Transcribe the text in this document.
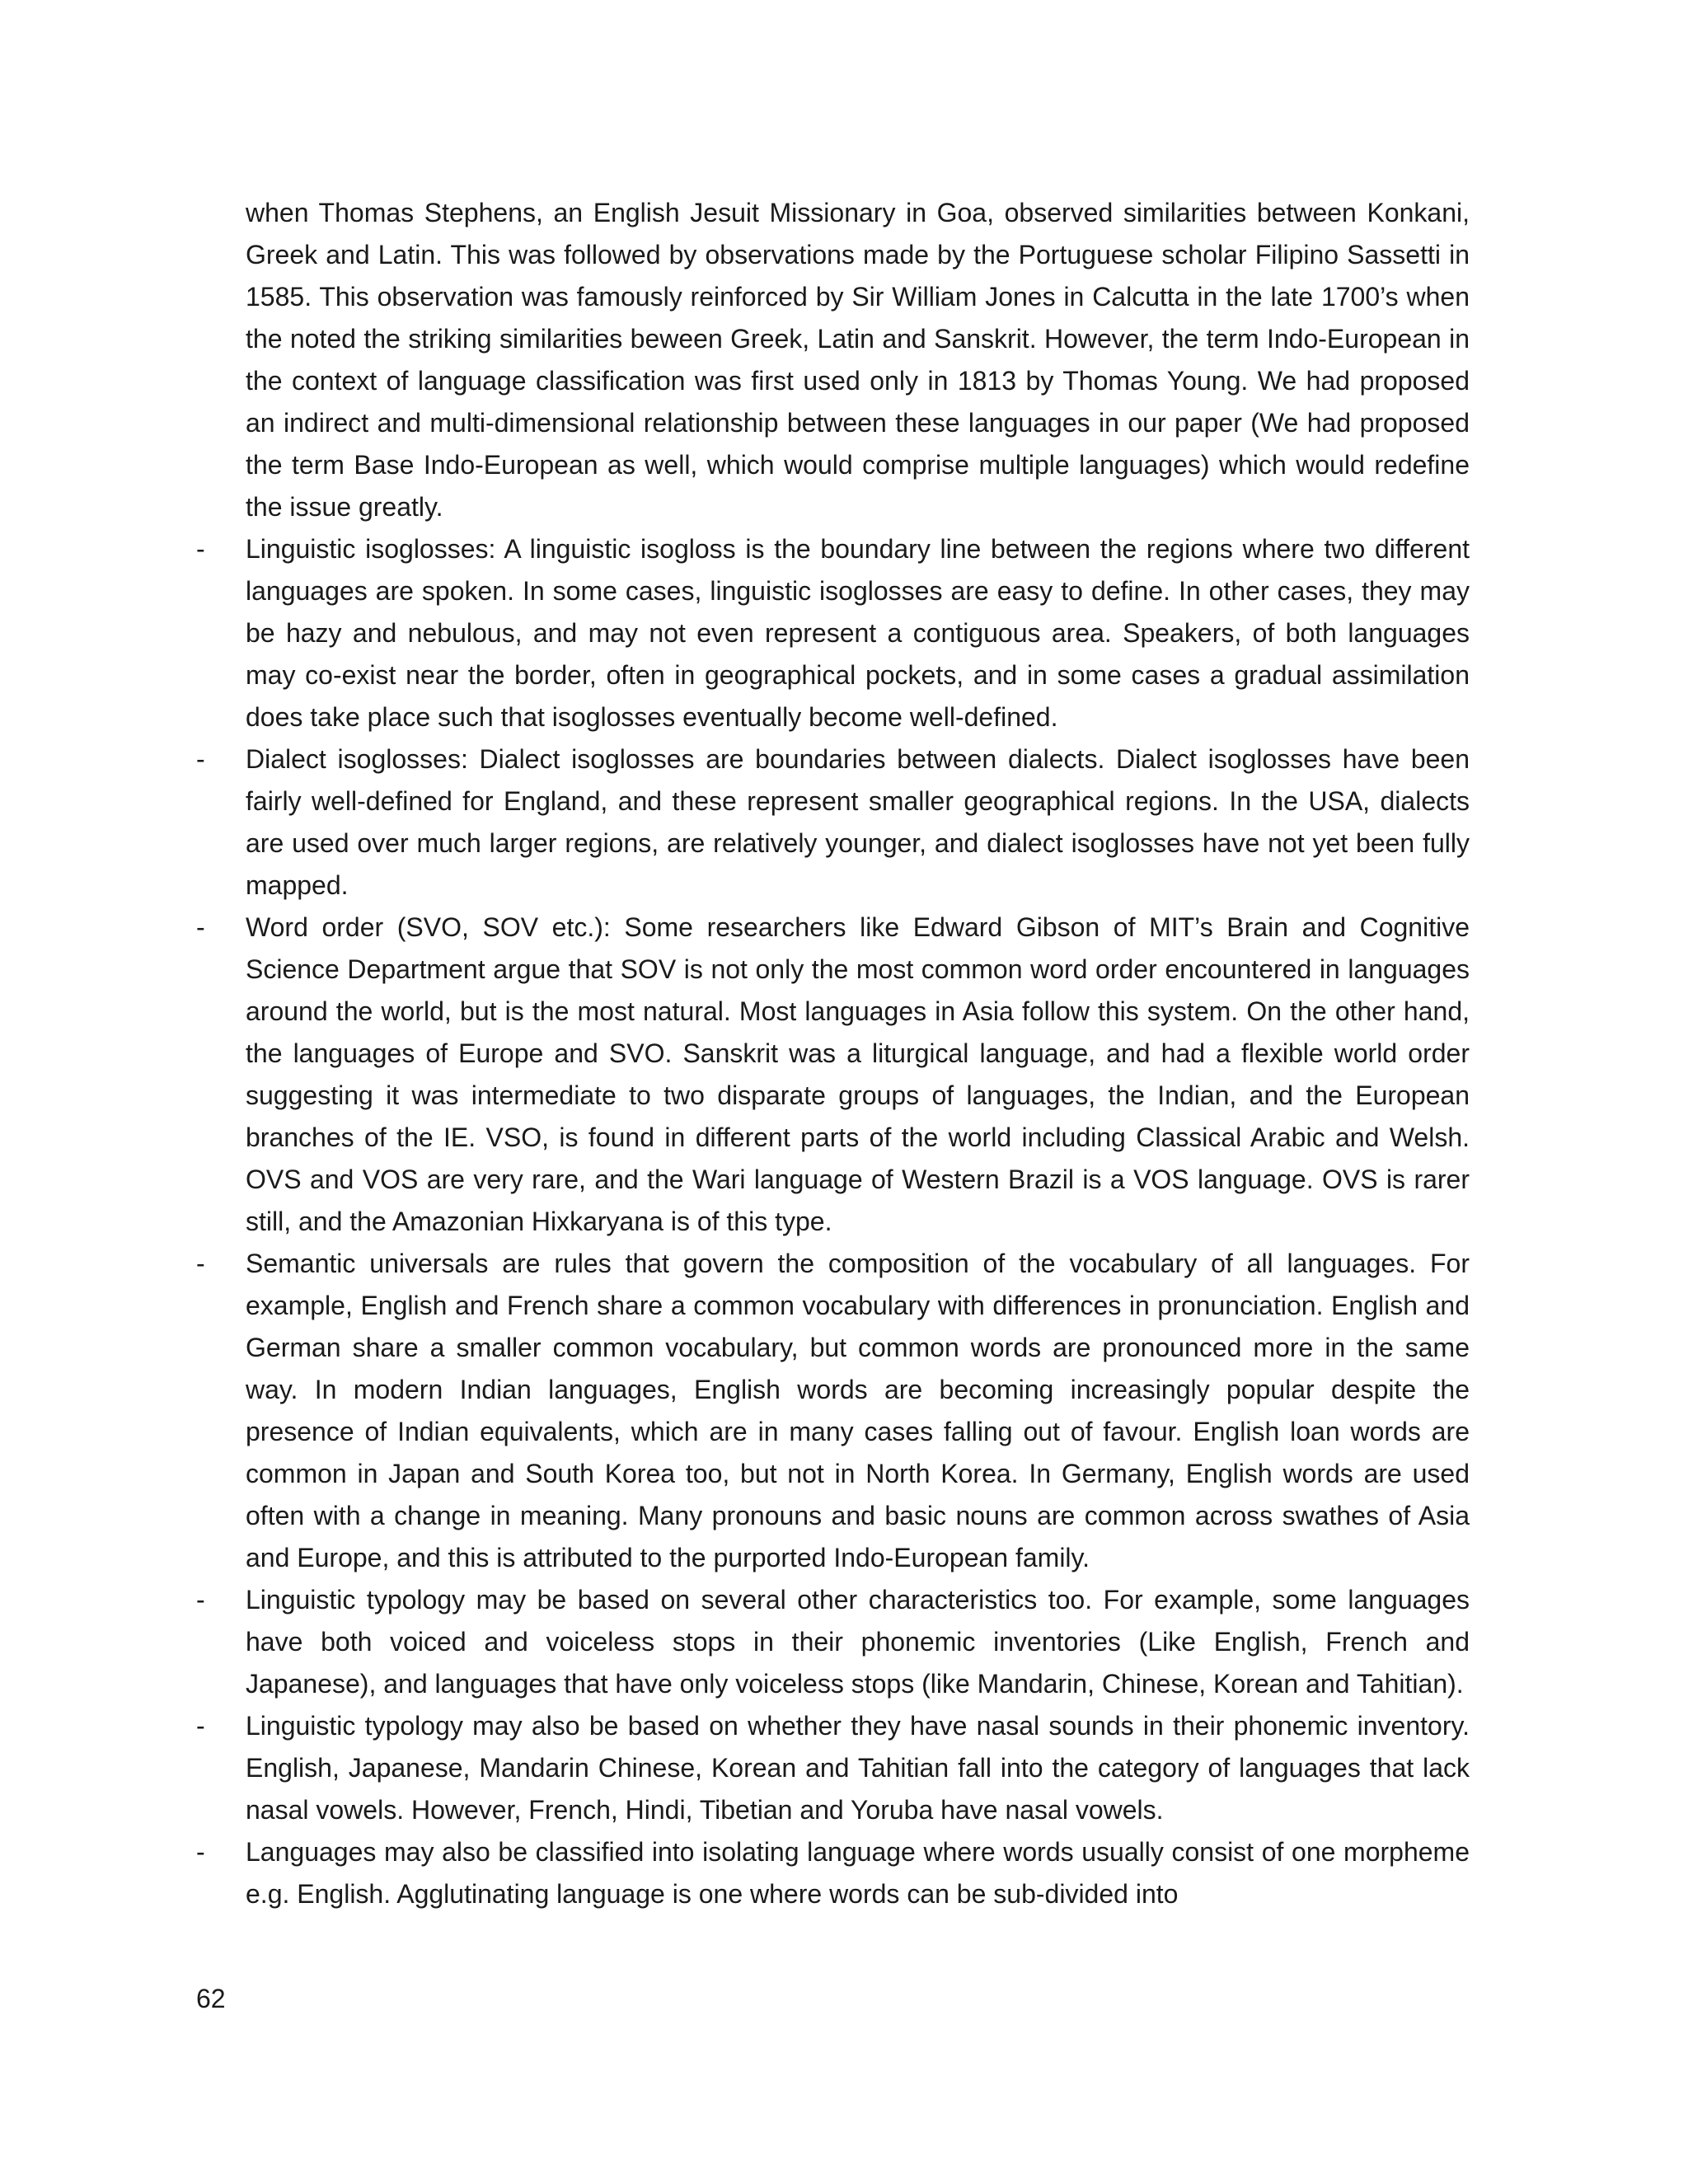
when Thomas Stephens, an English Jesuit Missionary in Goa, observed similarities between Konkani, Greek and Latin. This was followed by observations made by the Portuguese scholar Filipino Sassetti in 1585. This observation was famously reinforced by Sir William Jones in Calcutta in the late 1700’s when the noted the striking similarities beween Greek, Latin and Sanskrit. However, the term Indo-European in the context of language classification was first used only in 1813 by Thomas Young. We had proposed an indirect and multi-dimensional relationship between these languages in our paper (We had proposed the term Base Indo-European as well, which would comprise multiple languages) which would redefine the issue greatly.
-	Linguistic isoglosses: A linguistic isogloss is the boundary line between the regions where two different languages are spoken. In some cases, linguistic isoglosses are easy to define. In other cases, they may be hazy and nebulous, and may not even represent a contiguous area. Speakers, of both languages may co-exist near the border, often in geographical pockets, and in some cases a gradual assimilation does take place such that isoglosses eventually become well-defined.
-	Dialect isoglosses: Dialect isoglosses are boundaries between dialects. Dialect isoglosses have been fairly well-defined for England, and these represent smaller geographical regions. In the USA, dialects are used over much larger regions, are relatively younger, and dialect isoglosses have not yet been fully mapped.
-	Word order (SVO, SOV etc.): Some researchers like Edward Gibson of MIT’s Brain and Cognitive Science Department argue that SOV is not only the most common word order encountered in languages around the world, but is the most natural. Most languages in Asia follow this system. On the other hand, the languages of Europe and SVO. Sanskrit was a liturgical language, and had a flexible world order suggesting it was intermediate to two disparate groups of languages, the Indian, and the European branches of the IE. VSO, is found in different parts of the world including Classical Arabic and Welsh. OVS and VOS are very rare, and the Wari language of Western Brazil is a VOS language. OVS is rarer still, and the Amazonian Hixkaryana is of this type.
-	Semantic universals are rules that govern the composition of the vocabulary of all languages. For example, English and French share a common vocabulary with differences in pronunciation. English and German share a smaller common vocabulary, but common words are pronounced more in the same way. In modern Indian languages, English words are becoming increasingly popular despite the presence of Indian equivalents, which are in many cases falling out of favour. English loan words are common in Japan and South Korea too, but not in North Korea. In Germany, English words are used often with a change in meaning. Many pronouns and basic nouns are common across swathes of Asia and Europe, and this is attributed to the purported Indo-European family.
-	Linguistic typology may be based on several other characteristics too. For example, some languages have both voiced and voiceless stops in their phonemic inventories (Like English, French and Japanese), and languages that have only voiceless stops (like Mandarin, Chinese, Korean and Tahitian).
-	Linguistic typology may also be based on whether they have nasal sounds in their phonemic inventory. English, Japanese, Mandarin Chinese, Korean and Tahitian fall into the category of languages that lack nasal vowels. However, French, Hindi, Tibetian and Yoruba have nasal vowels.
-	Languages may also be classified into isolating language where words usually consist of one morpheme e.g. English. Agglutinating language is one where words can be sub-divided into
62
